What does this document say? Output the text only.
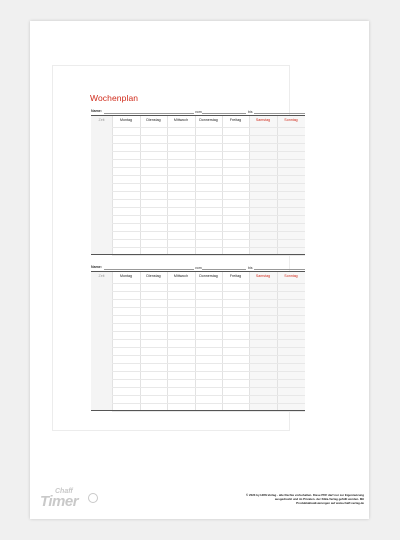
Wochenplan
Name:	vom	bis
Zeit	Montag	Dienstag	Mittwoch	Donnerstag	Freitag	Samstag	Sonntag
Name:	vom	bis
Zeit	Montag	Dienstag	Mittwoch	Donnerstag	Freitag	Samstag	Sonntag
Chaff
Timer	© 2023 by HRN-Verlag · alle Rechte vorbehalten. Diese PDF darf nur zur Eigennutzung ausgedruckt und im Privaten- der KiBa-Verlag gefüllt werden. Mit Produktaktualisierungen auf www.chaff-verlag.de
